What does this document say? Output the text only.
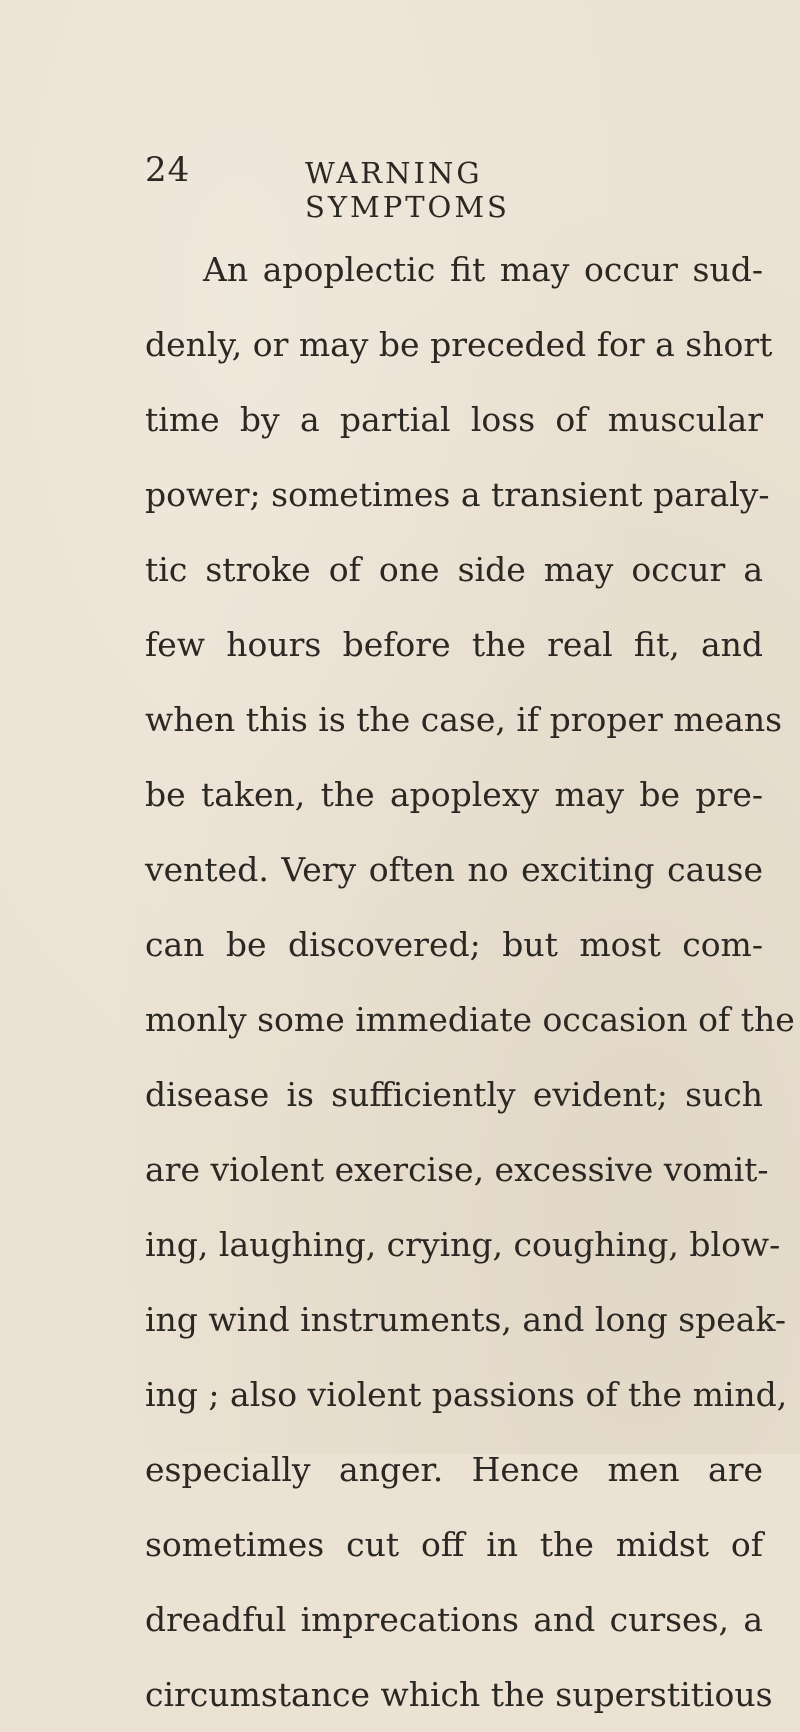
24	WARNING SYMPTOMS
An apoplectic fit may occur sud-
denly, or may be preceded for a short
time by a partial loss of muscular
power; sometimes a transient paraly-
tic stroke of one side may occur a
few hours before the real fit, and
when this is the case, if proper means
be taken, the apoplexy may be pre-
vented. Very often no exciting cause
can be discovered; but most com-
monly some immediate occasion of the
disease is sufficiently evident; such
are violent exercise, excessive vomit-
ing, laughing, crying, coughing, blow-
ing wind instruments, and long speak-
ing ; also violent passions of the mind,
especially anger. Hence men are
sometimes cut off in the midst of
dreadful imprecations and curses, a
circumstance which the superstitious
